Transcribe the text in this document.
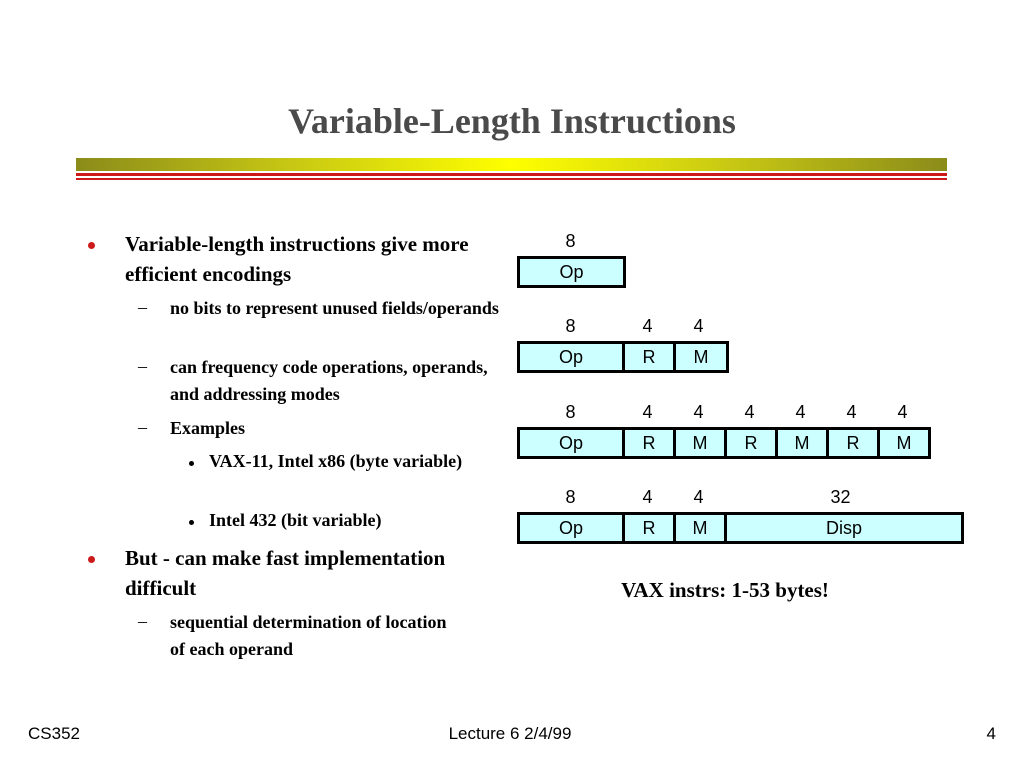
Variable-Length Instructions
Variable-length instructions give more efficient encodings
– no bits to represent unused fields/operands
– can frequency code operations, operands, and addressing modes
– Examples
VAX-11, Intel x86 (byte variable)
Intel 432 (bit variable)
But - can make fast implementation difficult
– sequential determination of location of each operand
8
Op
8	4	4
Op	R	M
8	4	4	4	4	4	4
Op	R	M	R	M	R	M
8	4	4	32
Op	R	M	Disp
VAX instrs: 1-53 bytes!
CS352	Lecture 6 2/4/99	4
